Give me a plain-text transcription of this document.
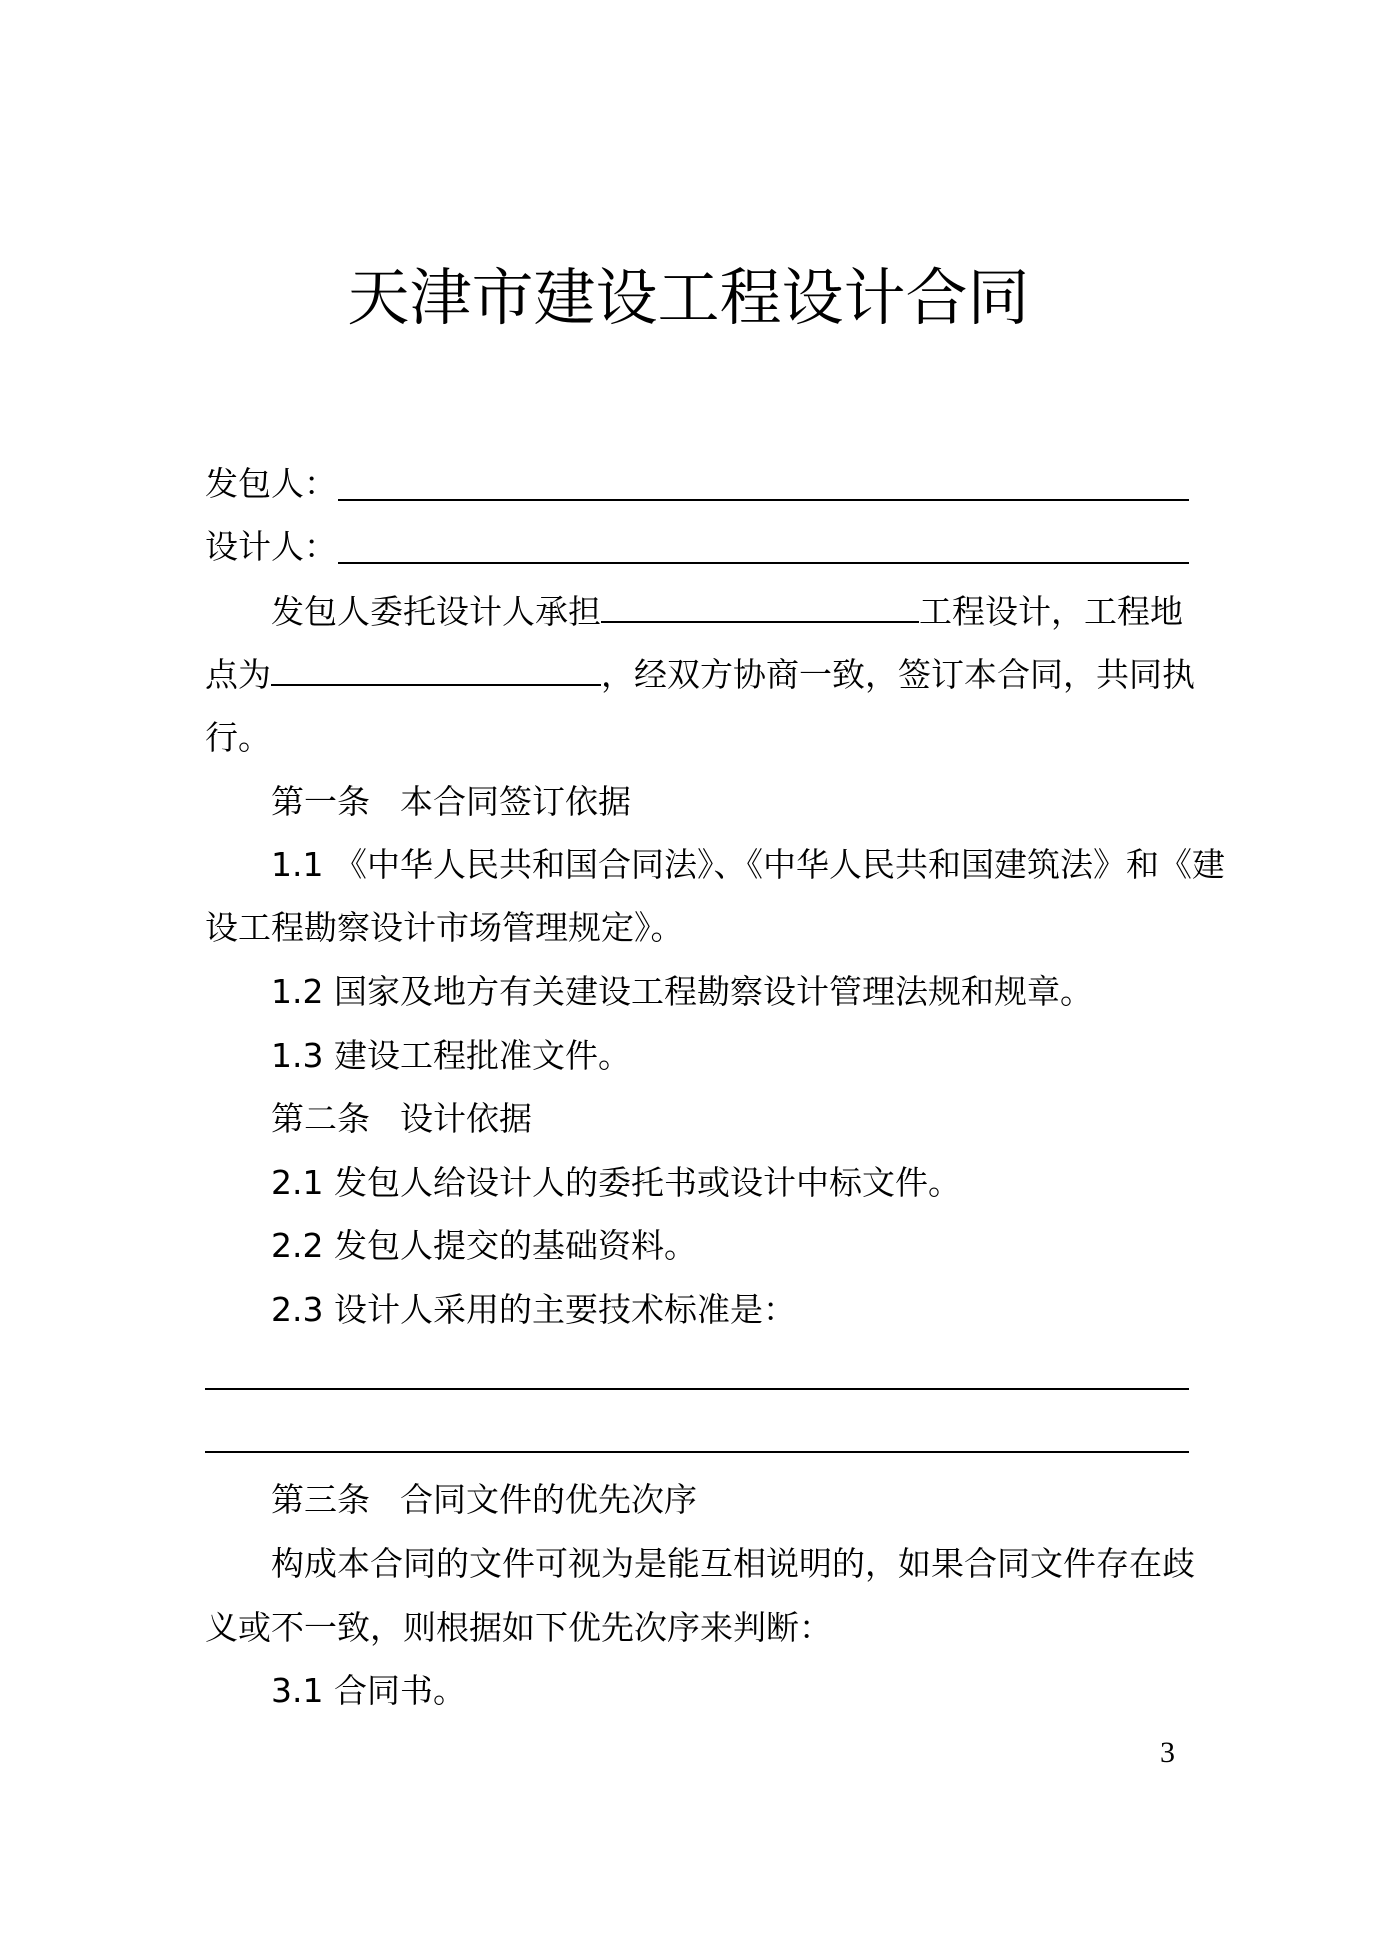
天津市建设工程设计合同
发包人：
设计人：
发包人委托设计人承担	工程设计，工程地
点为	，经双方协商一致，签订本合同，共同执
行。
第一条 本合同签订依据
1.1 《中华人民共和国合同法》、《中华人民共和国建筑法》和《建
设工程勘察设计市场管理规定》。
1.2 国家及地方有关建设工程勘察设计管理法规和规章。
1.3 建设工程批准文件。
第二条 设计依据
2.1 发包人给设计人的委托书或设计中标文件。
2.2 发包人提交的基础资料。
2.3 设计人采用的主要技术标准是：
第三条 合同文件的优先次序
构成本合同的文件可视为是能互相说明的，如果合同文件存在歧
义或不一致，则根据如下优先次序来判断：
3.1 合同书。
3
